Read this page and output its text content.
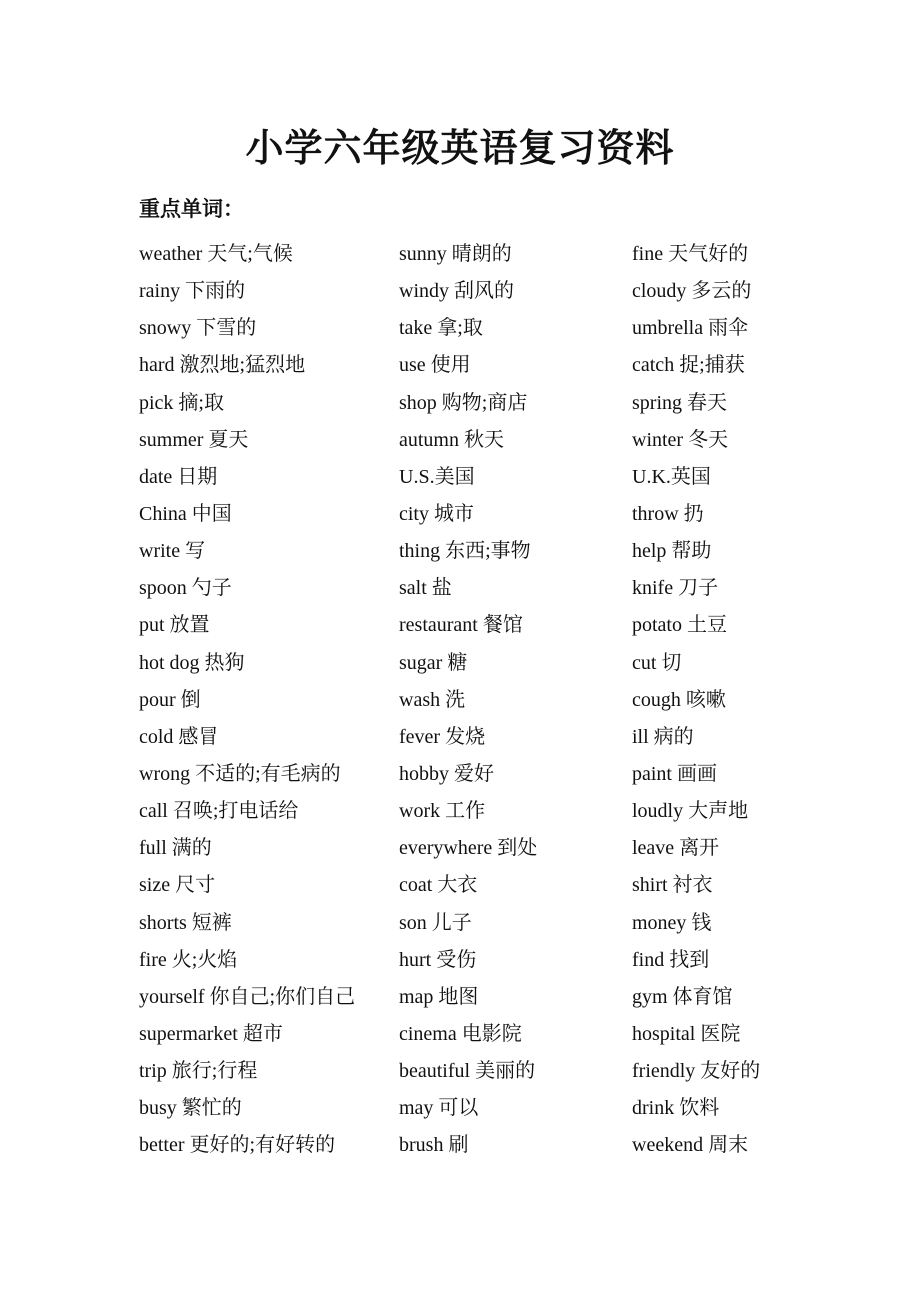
小学六年级英语复习资料
重点单词：
weather 天气;气候	sunny 晴朗的	fine 天气好的
rainy 下雨的	windy 刮风的	cloudy 多云的
snowy 下雪的	take 拿;取	umbrella 雨伞
hard 激烈地;猛烈地	use 使用	catch 捉;捕获
pick 摘;取	shop 购物;商店	spring 春天
summer 夏天	autumn 秋天	winter 冬天
date 日期	U.S.美国	U.K.英国
China 中国	city 城市	throw 扔
write 写	thing 东西;事物	help 帮助
spoon 勺子	salt 盐	knife 刀子
put 放置	restaurant 餐馆	potato 土豆
hot dog 热狗	sugar 糖	cut 切
pour 倒	wash 洗	cough 咳嗽
cold 感冒	fever 发烧	ill 病的
wrong 不适的;有毛病的	hobby 爱好	paint 画画
call 召唤;打电话给	work 工作	loudly 大声地
full 满的	everywhere 到处	leave 离开
size 尺寸	coat 大衣	shirt 衬衣
shorts 短裤	son 儿子	money 钱
fire 火;火焰	hurt 受伤	find 找到
yourself 你自己;你们自己 map 地图	gym 体育馆
supermarket 超市	cinema 电影院	hospital 医院
trip 旅行;行程	beautiful 美丽的	friendly 友好的
busy 繁忙的	may 可以	drink 饮料
better 更好的;有好转的	brush 刷	weekend 周末
